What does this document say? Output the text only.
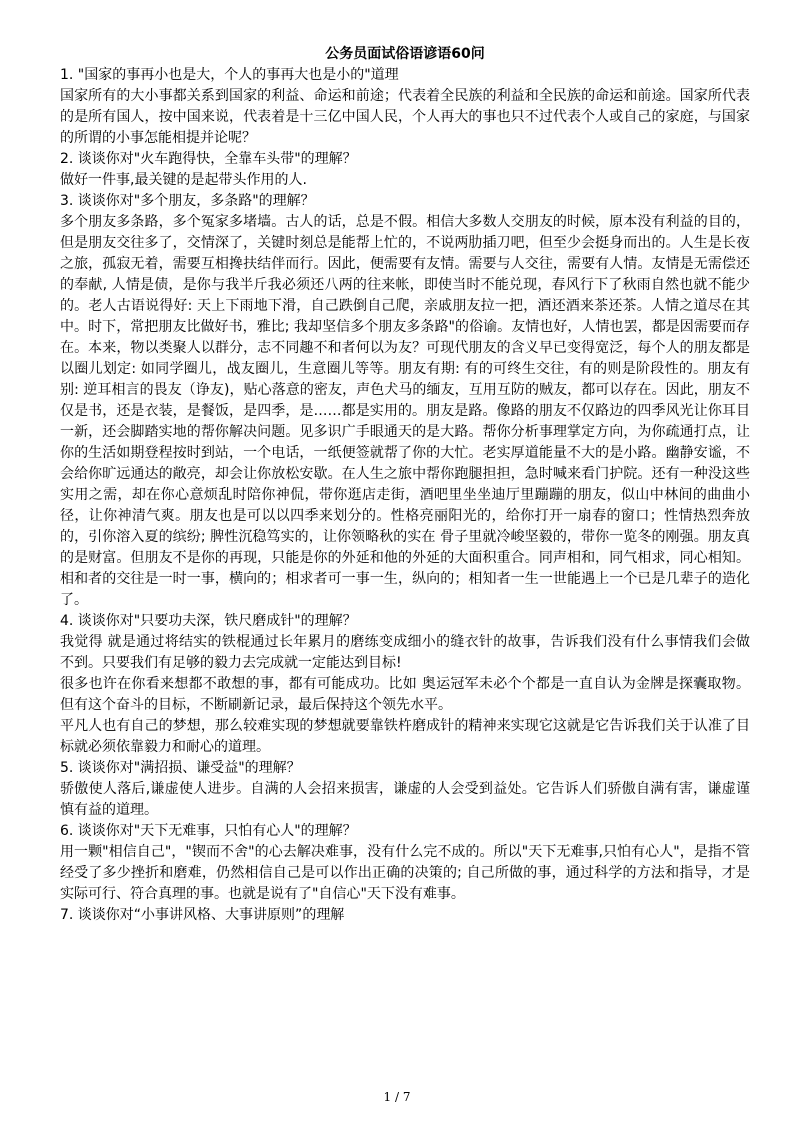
公务员面试俗语谚语60问

1. "国家的事再小也是大，个人的事再大也是小的"道理

国家所有的大小事都关系到国家的利益、命运和前途；代表着全民族的利益和全民族的命运和前途。国家所代表的是所有国人，按中国来说，代表着是十三亿中国人民，个人再大的事也只不过代表个人或自己的家庭，与国家的所谓的小事怎能相提并论呢？

2. 谈谈你对"火车跑得快，全靠车头带"的理解？

做好一件事,最关键的是起带头作用的人.

3. 谈谈你对"多个朋友，多条路"的理解？

多个朋友多条路，多个冤家多堵墙。古人的话，总是不假。相信大多数人交朋友的时候，原本没有利益的目的，但是朋友交往多了，交情深了，关键时刻总是能帮上忙的，不说两肋插刀吧，但至少会挺身而出的。人生是长夜之旅，孤寂无着，需要互相搀扶结伴而行。因此，便需要有友情。需要与人交往，需要有人情。友情是无需偿还的奉献, 人情是债，是你与我半斤我必须还八两的往来帐，即使当时不能兑现，春风行下了秋雨自然也就不能少的。老人古语说得好: 天上下雨地下滑，自己跌倒自己爬，亲戚朋友拉一把，酒还酒来茶还茶。人情之道尽在其中。时下，常把朋友比做好书，雅比; 我却坚信多个朋友多条路"的俗谕。友情也好，人情也罢，都是因需要而存在。本来，物以类聚人以群分，志不同趣不和者何以为友？可现代朋友的含义早已变得宽泛，每个人的朋友都是以圈儿划定: 如同学圈儿，战友圈儿，生意圈儿等等。朋友有期: 有的可终生交往，有的则是阶段性的。朋友有别: 逆耳相言的畏友（诤友)，贴心落意的密友，声色犬马的缅友，互用互防的贼友，都可以存在。因此，朋友不仅是书，还是衣装，是餐饭，是四季，是……都是实用的。朋友是路。像路的朋友不仅路边的四季风光让你耳目一新，还会脚踏实地的帮你解决问题。见多识广手眼通天的是大路。帮你分析事理掌定方向，为你疏通打点，让你的生活如期登程按时到站，一个电话，一纸便签就帮了你的大忙。老实厚道能量不大的是小路。幽静安谧，不会给你旷远通达的敞亮，却会让你放松安歇。在人生之旅中帮你跑腿担担，急时喊来看门护院。还有一种没这些实用之需，却在你心意烦乱时陪你神侃，带你逛店走街，酒吧里坐坐迪厅里蹦蹦的朋友，似山中林间的曲曲小径，让你神清气爽。朋友也是可以以四季来划分的。性格亮丽阳光的，给你打开一扇春的窗口；性情热烈奔放的，引你溶入夏的缤纷; 脾性沉稳笃实的，让你领略秋的实在 骨子里就冷峻坚毅的，带你一览冬的刚强。朋友真的是财富。但朋友不是你的再现，只能是你的外延和他的外延的大面积重合。同声相和，同气相求，同心相知。相和者的交往是一时一事，横向的；相求者可一事一生，纵向的；相知者一生一世能遇上一个已是几辈子的造化了。

4. 谈谈你对"只要功夫深，铁尺磨成针"的理解？

我觉得 就是通过将结实的铁棍通过长年累月的磨练变成细小的缝衣针的故事，告诉我们没有什么事情我们会做不到。只要我们有足够的毅力去完成就一定能达到目标!

很多也许在你看来想都不敢想的事，都有可能成功。比如 奥运冠军未必个个都是一直自认为金牌是探囊取物。但有这个奋斗的目标，不断刷新记录，最后保持这个领先水平。

平凡人也有自己的梦想，那么较难实现的梦想就要靠铁杵磨成针的精神来实现它这就是它告诉我们关于认准了目标就必须依靠毅力和耐心的道理。

5. 谈谈你对"满招损、谦受益"的理解？

骄傲使人落后,谦虚使人进步。自满的人会招来损害，谦虚的人会受到益处。它告诉人们骄傲自满有害，谦虚谨慎有益的道理。

6. 谈谈你对"天下无难事，只怕有心人"的理解？

用一颗"相信自己"，"锲而不舍"的心去解决难事，没有什么完不成的。所以"天下无难事,只怕有心人"，是指不管经受了多少挫折和磨难，仍然相信自己是可以作出正确的决策的; 自己所做的事，通过科学的方法和指导，才是实际可行、符合真理的事。也就是说有了"自信心"天下没有难事。

7. 谈谈你对“小事讲风格、大事讲原则”的理解

1 / 7
